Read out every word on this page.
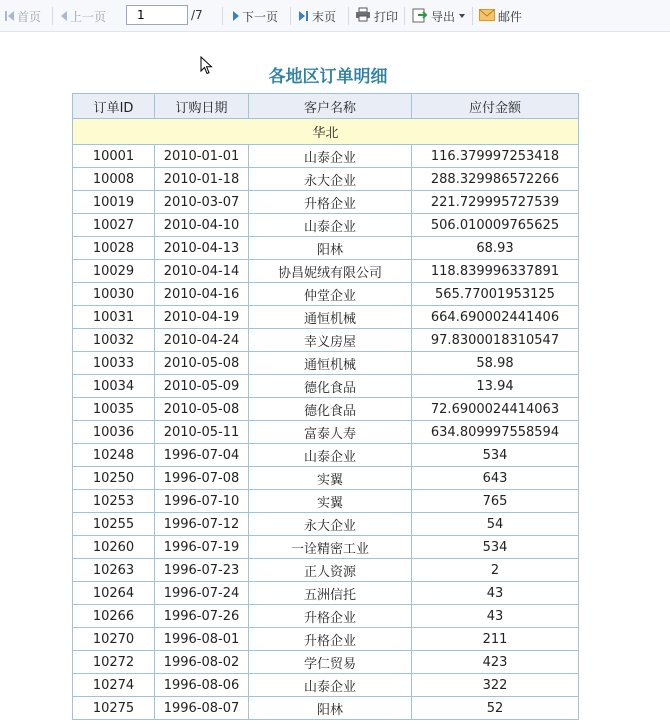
首页 上一页
1	/7	下一页	末页	打印	导出	邮件
各地区订单明细
订单ID	订购日期	客户名称	应付金额
华北			
10001	2010-01-01	山泰企业	116.379997253418
10008	2010-01-18	永大企业	288.329986572266
10019	2010-03-07	升格企业	221.729995727539
10027	2010-04-10	山泰企业	506.010009765625
10028	2010-04-13	阳林	68.93
10029	2010-04-14	协昌妮绒有限公司	118.839996337891
10030	2010-04-16	仲堂企业	565.77001953125
10031	2010-04-19	通恒机械	664.690002441406
10032	2010-04-24	幸义房屋	97.8300018310547
10033	2010-05-08	通恒机械	58.98
10034	2010-05-09	德化食品	13.94
10035	2010-05-08	德化食品	72.6900024414063
10036	2010-05-11	富泰人寿	634.809997558594
10248	1996-07-04	山泰企业	534
10250	1996-07-08	实翼	643
10253	1996-07-10	实翼	765
10255	1996-07-12	永大企业	54
10260	1996-07-19	一诠精密工业	534
10263	1996-07-23	正人资源	2
10264	1996-07-24	五洲信托	43
10266	1996-07-26	升格企业	43
10270	1996-08-01	升格企业	211
10272	1996-08-02	学仁贸易	423
10274	1996-08-06	山泰企业	322
10275	1996-08-07	阳林	52
